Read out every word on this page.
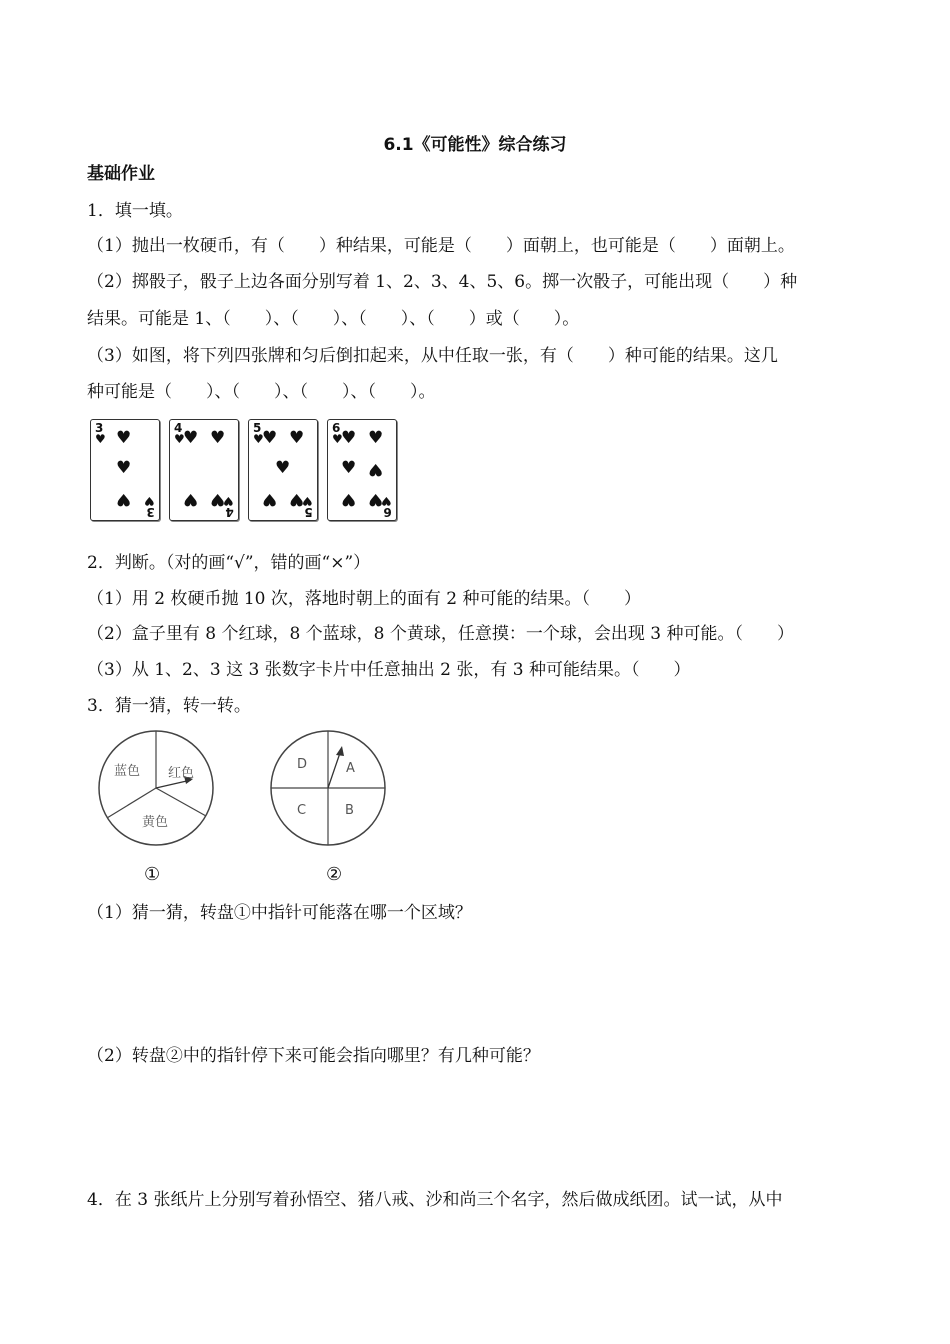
6.1《可能性》综合练习
基础作业
1．填一填。
（1）抛出一枚硬币，有（　　）种结果，可能是（　　）面朝上，也可能是（　　）面朝上。
（2）掷骰子，骰子上边各面分别写着 1、2、3、4、5、6。掷一次骰子，可能出现（　　）种
结果。可能是 1、（　　）、（　　）、（　　）、（　　）或（　　）。
（3）如图，将下列四张牌和匀后倒扣起来，从中任取一张，有（　　）种可能的结果。这几
种可能是（　　）、（　　）、（　　）、（　　）。
3
♥ ♥
♥
♥
3
♥
4
♥
♥ ♥
♥ ♥
4
♥
5
♥
♥ ♥
♥
♥ ♥
5
♥
6
♥
♥ ♥
♥ ♥
♥ ♥
6
♥
2．判断。（对的画“√”，错的画“×”）
（1）用 2 枚硬币抛 10 次，落地时朝上的面有 2 种可能的结果。（　　）
（2）盒子里有 8 个红球，8 个蓝球，8 个黄球，任意摸：一个球，会出现 3 种可能。（　　）
（3）从 1、2、3 这 3 张数字卡片中任意抽出 2 张，有 3 种可能结果。（　　）
3．猜一猜，转一转。
蓝色 红色
黄色
①
D	A
C	B
②
（1）猜一猜，转盘①中指针可能落在哪一个区域？
（2）转盘②中的指针停下来可能会指向哪里？有几种可能？
4．在 3 张纸片上分别写着孙悟空、猪八戒、沙和尚三个名字，然后做成纸团。试一试，从中
